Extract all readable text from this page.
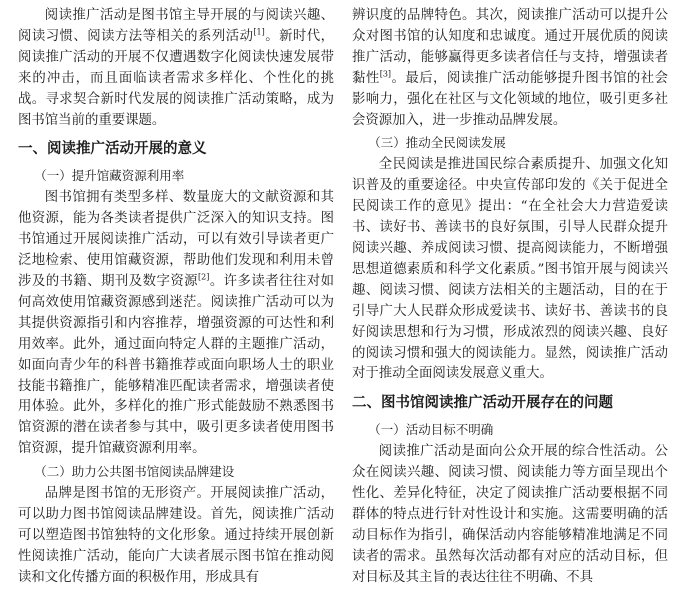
阅读推广活动是图书馆主导开展的与阅读兴趣、阅读习惯、阅读方法等相关的系列活动[1]。新时代，阅读推广活动的开展不仅遭遇数字化阅读快速发展带来的冲击，而且面临读者需求多样化、个性化的挑战。寻求契合新时代发展的阅读推广活动策略，成为图书馆当前的重要课题。

一、阅读推广活动开展的意义
（一）提升馆藏资源利用率

图书馆拥有类型多样、数量庞大的文献资源和其他资源，能为各类读者提供广泛深入的知识支持。图书馆通过开展阅读推广活动，可以有效引导读者更广泛地检索、使用馆藏资源，帮助他们发现和利用未曾涉及的书籍、期刊及数字资源[2]。许多读者往往对如何高效使用馆藏资源感到迷茫。阅读推广活动可以为其提供资源指引和内容推荐，增强资源的可达性和利用效率。此外，通过面向特定人群的主题推广活动，如面向青少年的科普书籍推荐或面向职场人士的职业技能书籍推广，能够精准匹配读者需求，增强读者使用体验。此外，多样化的推广形式能鼓励不熟悉图书馆资源的潜在读者参与其中，吸引更多读者使用图书馆资源，提升馆藏资源利用率。

（二）助力公共图书馆阅读品牌建设

品牌是图书馆的无形资产。开展阅读推广活动，可以助力图书馆阅读品牌建设。首先，阅读推广活动可以塑造图书馆独特的文化形象。通过持续开展创新性阅读推广活动，能向广大读者展示图书馆在推动阅读和文化传播方面的积极作用，形成具有

辨识度的品牌特色。其次，阅读推广活动可以提升公众对图书馆的认知度和忠诚度。通过开展优质的阅读推广活动，能够赢得更多读者信任与支持，增强读者黏性[3]。最后，阅读推广活动能够提升图书馆的社会影响力，强化在社区与文化领域的地位，吸引更多社会资源加入，进一步推动品牌发展。

（三）推动全民阅读发展

全民阅读是推进国民综合素质提升、加强文化知识普及的重要途径。中央宣传部印发的《关于促进全民阅读工作的意见》提出：“在全社会大力营造爱读书、读好书、善读书的良好氛围，引导人民群众提升阅读兴趣、养成阅读习惯、提高阅读能力，不断增强思想道德素质和科学文化素质。”图书馆开展与阅读兴趣、阅读习惯、阅读方法相关的主题活动，目的在于引导广大人民群众形成爱读书、读好书、善读书的良好阅读思想和行为习惯，形成浓烈的阅读兴趣、良好的阅读习惯和强大的阅读能力。显然，阅读推广活动对于推动全面阅读发展意义重大。

二、图书馆阅读推广活动开展存在的问题
（一）活动目标不明确

阅读推广活动是面向公众开展的综合性活动。公众在阅读兴趣、阅读习惯、阅读能力等方面呈现出个性化、差异化特征，决定了阅读推广活动要根据不同群体的特点进行针对性设计和实施。这需要明确的活动目标作为指引，确保活动内容能够精准地满足不同读者的需求。虽然每次活动都有对应的活动目标，但对目标及其主旨的表达往往不明确、不具
